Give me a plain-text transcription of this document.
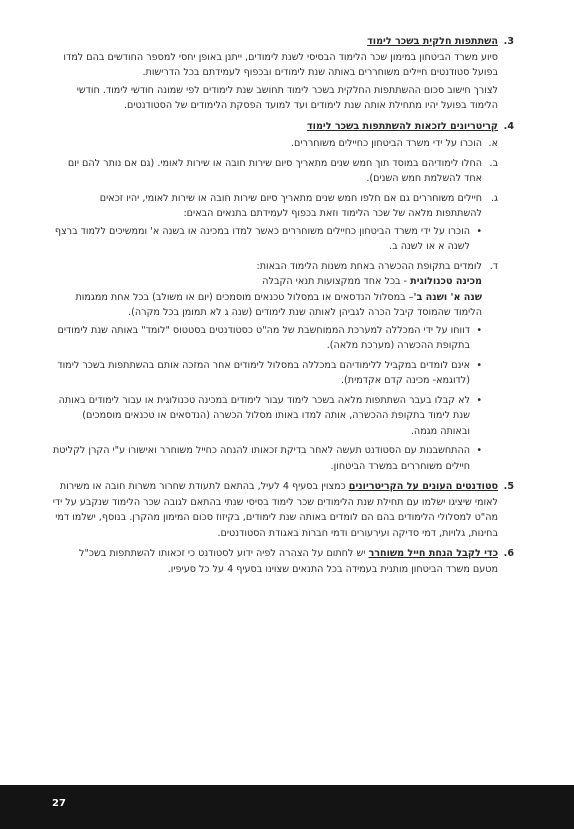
3.
השתתפות חלקית בשכר לימוד

סיוע משרד הביטחון במימון שכר הלימוד הבסיסי לשנת לימודים, ייתנן באופן יחסי למספר החודשים בהם למדו בפועל סטודנטים חיילים משוחררים באותה שנת לימודים ובכפוף לעמידתם בכל הדרישות.

לצורך חישוב סכום ההשתתפות החלקית בשכר לימוד תחושב שנת לימודים לפי שמונה חודשי לימוד. חודשי הלימוד בפועל יהיו מתחילת אותה שנת לימודים ועד למועד הפסקת הלימודים של הסטודנטים.

4.
קריטריונים לזכאות להשתתפות בשכר לימוד
א.
הוכרו על ידי משרד הביטחון כחיילים משוחררים.
ב.
החלו לימודיהם במוסד תוך חמש שנים מתאריך סיום שירות חובה או שירות לאומי. (גם אם נותר להם יום אחד להשלמת חמש השנים).
ג.
חיילים משוחררים גם אם חלפו חמש שנים מתאריך סיום שירות חובה או שירות לאומי, יהיו זכאים להשתתפות מלאה של שכר הלימוד וזאת בכפוף לעמידתם בתנאים הבאים:
•
הוכרו על ידי משרד הביטחון כחיילים משוחררים כאשר למדו במכינה או בשנה א' וממשיכים ללמוד ברצף לשנה א או לשנה ב.
ד.
לומדים בתקופת ההכשרה באחת משנות הלימוד הבאות:
מכינה טכנולוגית - בכל אחד ממקצועות תנאי הקבלה
שנה א' ושנה ב'– במסלול הנדסאים או במסלול טכנאים מוסמכים (יום או משולב) בכל אחת ממגמות הלימוד שהמוסד קיבל הכרה לגביהן לאותה שנת לימודים (שנה ג לא תמומן בכל מקרה).
•
דווחו על ידי המכללה למערכת הממוחשבת של מה"ט כסטודנטים בסטטוס "לומד" באותה שנת לימודים בתקופת ההכשרה (מערכת מלאה).
•
אינם לומדים במקביל ללימודיהם במכללה במסלול לימודים אחר המזכה אותם בהשתתפות בשכר לימוד (לדוגמא- מכינה קדם אקדמית).
•
לא קבלו בעבר השתתפות מלאה בשכר לימוד עבור לימודים במכינה טכנולוגית או עבור לימודים באותה שנת לימוד בתקופת ההכשרה, אותה למדו באותו מסלול הכשרה (הנדסאים או טכנאים מוסמכים) ובאותה מגמה.
•
ההתחשבנות עם הסטודנט תעשה לאחר בדיקת זכאותו להנחה כחייל משוחרר ואישורו ע"י הקרן לקליטת חיילים משוחררים במשרד הביטחון.
5.
סטודנטים העונים על הקריטריונים כמצוין בסעיף 4 לעיל, בהתאם לתעודת שחרור משרות חובה או משירות לאומי שיציגו ישלמו עם תחילת שנת הלימודים שכר לימוד בסיסי שנתי בהתאם לגובה שכר הלימוד שנקבע על ידי מה"ט למסלולי הלימודים בהם הם לומדים באותה שנת לימודים, בקיזוז סכום המימון מהקרן. בנוסף, ישלמו דמי בחינות, גלויות, דמי סדיקה ועירעורים ודמי חברות באגודת הסטודנטים.
6.
כדי לקבל הנחת חייל משוחרר יש לחתום על הצהרה לפיה ידוע לסטודנט כי זכאותו להשתתפות בשכ"ל מטעם משרד הביטחון מותנית בעמידה בכל התנאים שצוינו בסעיף 4 על כל סעיפיו.
27
